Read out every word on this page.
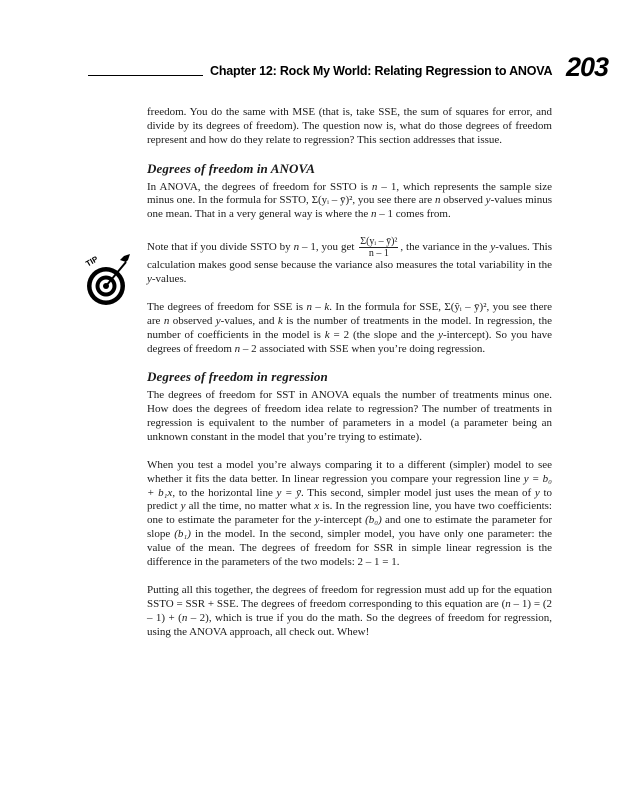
Chapter 12: Rock My World: Relating Regression to ANOVA 203
TIP

freedom. You do the same with MSE (that is, take SSE, the sum of squares for error, and divide by its degrees of freedom). The question now is, what do those degrees of freedom represent and how do they relate to regression? This section addresses that issue.

Degrees of freedom in ANOVA

In ANOVA, the degrees of freedom for SSTO is n – 1, which represents the sample size minus one. In the formula for SSTO, Σ(yᵢ – ȳ)², you see there are n observed y-values minus one mean. That in a very general way is where the n – 1 comes from.

Note that if you divide SSTO by n – 1, you get $\frac{\text{Σ(yᵢ – ȳ)²}}{n - 1}$ , the variance in the y-values. This calculation makes good sense because the variance also measures the total variability in the y-values.

The degrees of freedom for SSE is n – k. In the formula for SSE, Σ(ŷᵢ – ȳ)², you see there are n observed y-values, and k is the number of treatments in the model. In regression, the number of coefficients in the model is k = 2 (the slope and the y-intercept). So you have degrees of freedom n – 2 associated with SSE when you’re doing regression.

Degrees of freedom in regression

The degrees of freedom for SST in ANOVA equals the number of treatments minus one. How does the degrees of freedom idea relate to regression? The number of treatments in regression is equivalent to the number of parameters in a model (a parameter being an unknown constant in the model that you’re trying to estimate).

When you test a model you’re always comparing it to a different (simpler) model to see whether it fits the data better. In linear regression you compare your regression line y = b₀ + b₁x, to the horizontal line y = ȳ. This second, simpler model just uses the mean of y to predict y all the time, no matter what x is. In the regression line, you have two coefficients: one to estimate the parameter for the y-intercept (b₀) and one to estimate the parameter for slope (b₁) in the model. In the second, simpler model, you have only one parameter: the value of the mean. The degrees of freedom for SSR in simple linear regression is the difference in the parameters of the two models: 2 – 1 = 1.

Putting all this together, the degrees of freedom for regression must add up for the equation SSTO = SSR + SSE. The degrees of freedom corresponding to this equation are (n – 1) = (2 – 1) + (n – 2), which is true if you do the math. So the degrees of freedom for regression, using the ANOVA approach, all check out. Whew!
